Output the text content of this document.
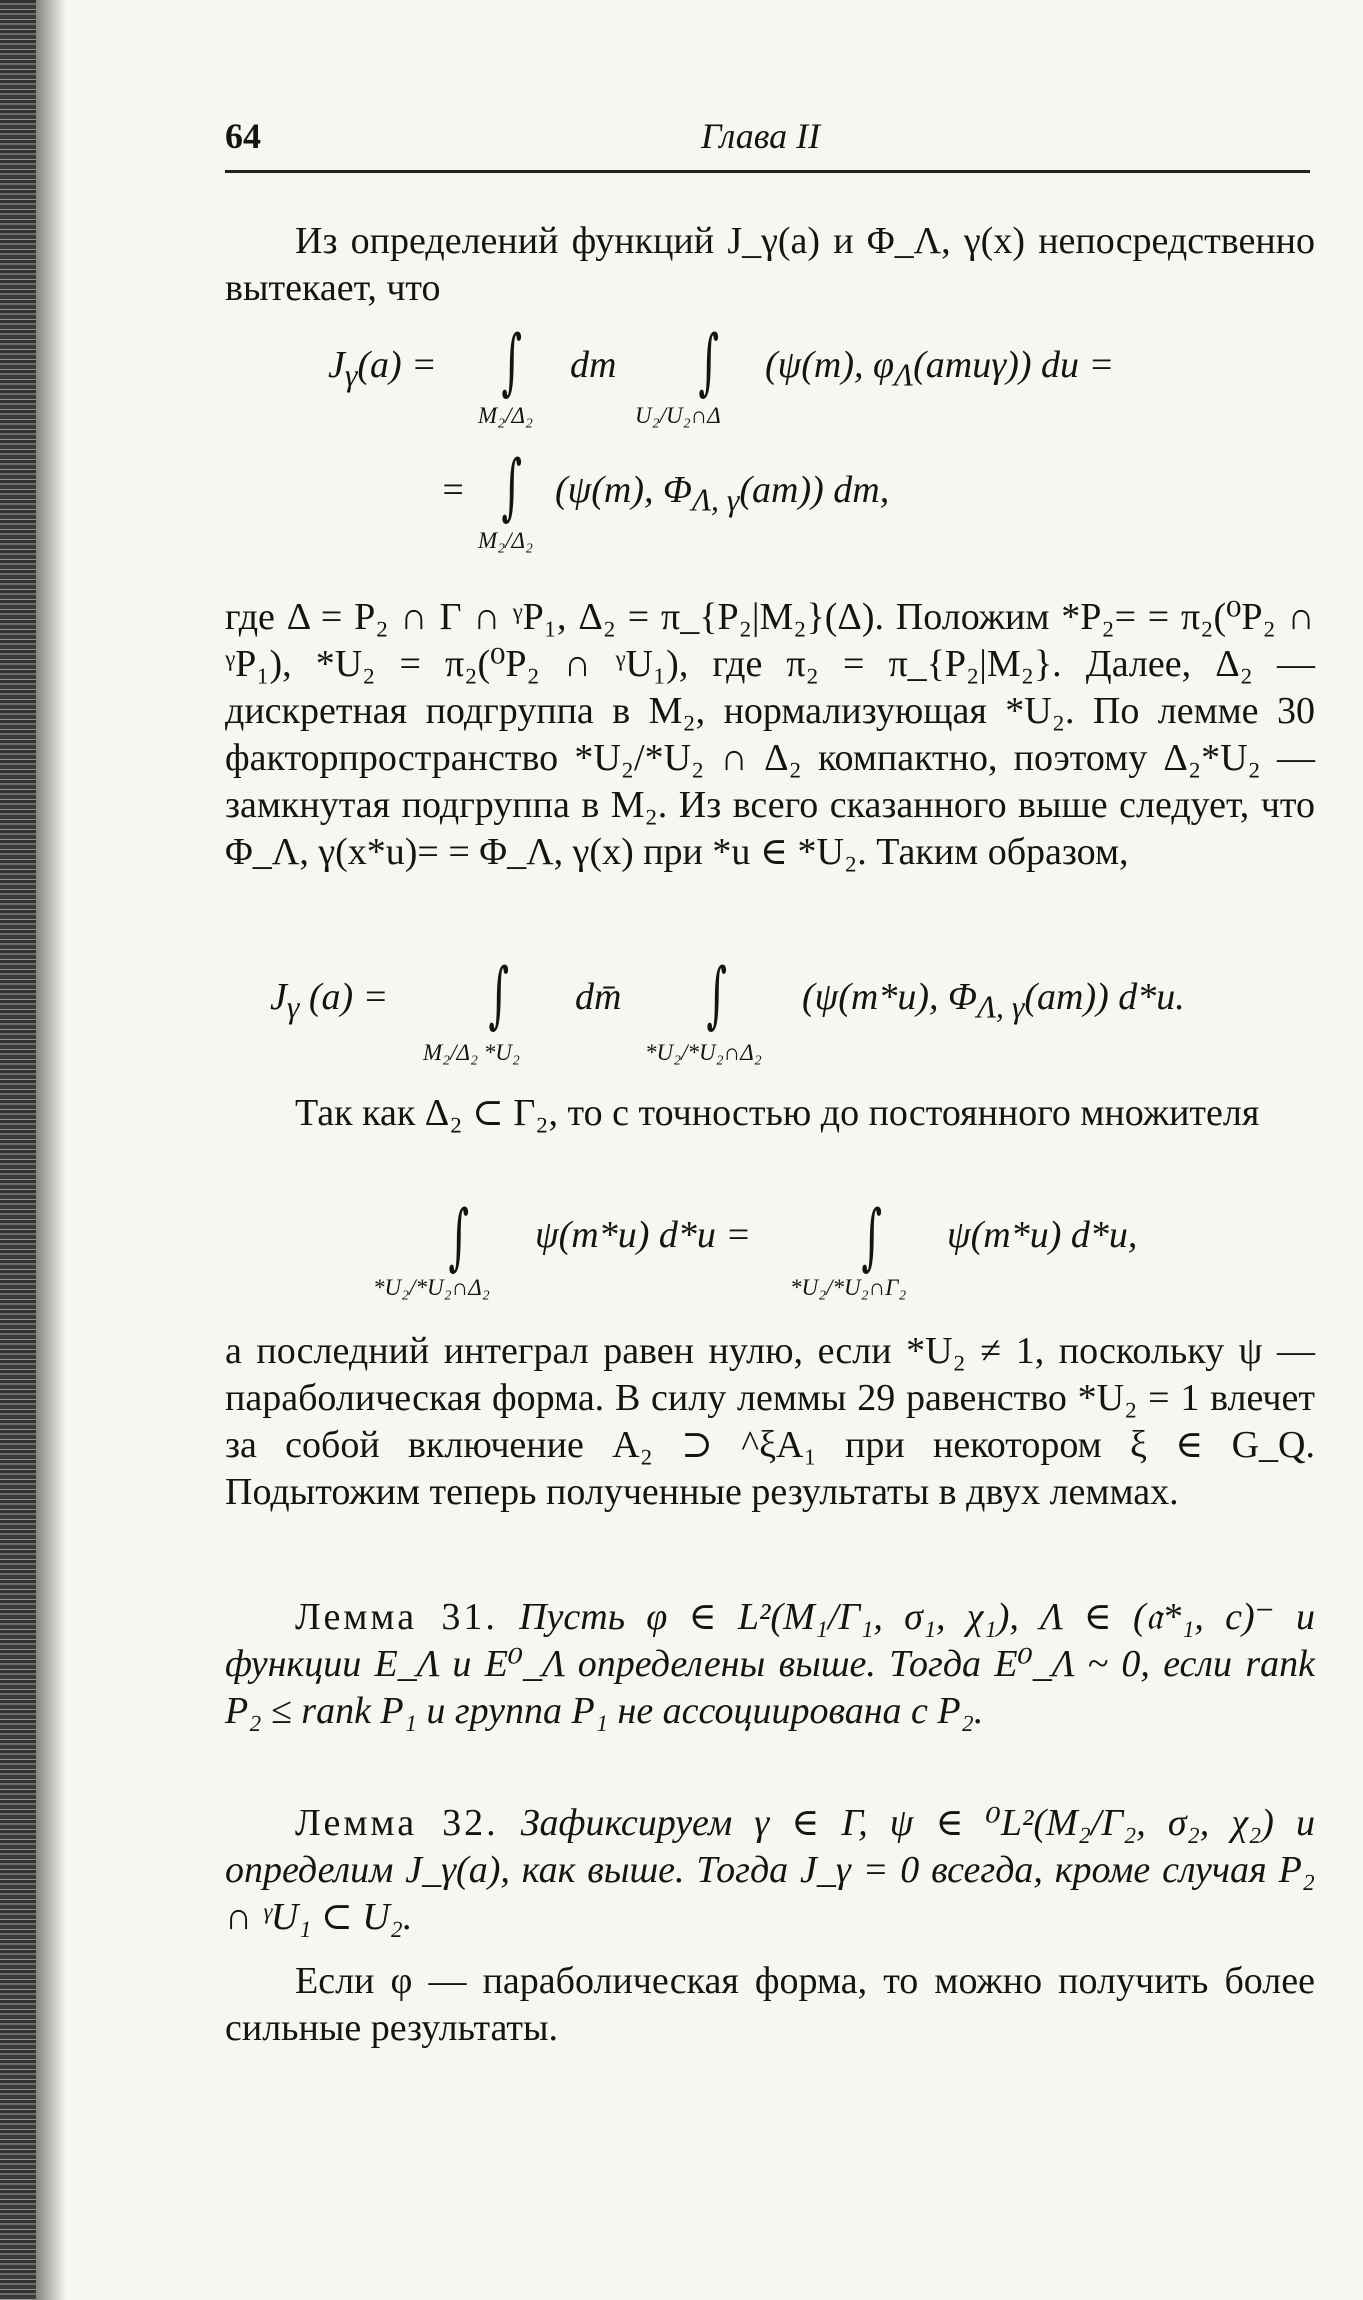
64	Глава II

Из определений функций J_γ(a) и Φ_Λ, γ(x) непосредственно вытекает, что

$J_\gamma(a)$ = ∫
M₂/Δ₂
dm ∫
U₂/U₂∩Δ
(ψ(m), $\varphi_\Lambda(amu\gamma)$) du =
= ∫
M₂/Δ₂
(ψ(m), $\Phi_{\Lambda, \gamma}(am)$) dm,

где Δ = P₂ ∩ Γ ∩ ᵞP₁, Δ₂ = π_{P₂|M₂}(Δ). Положим *P₂= = π₂(⁰P₂ ∩ ᵞP₁), *U₂ = π₂(⁰P₂ ∩ ᵞU₁), где π₂ = π_{P₂|M₂}. Далее, Δ₂ — дискретная подгруппа в M₂, нормализующая *U₂. По лемме 30 факторпространство *U₂/*U₂ ∩ Δ₂ компактно, поэтому Δ₂*U₂ — замкнутая подгруппа в M₂. Из всего сказанного выше следует, что Φ_Λ, γ(x*u)= = Φ_Λ, γ(x) при *u ∈ *U₂. Таким образом,

$J_\gamma$ (a) = ∫
M₂/Δ₂ *U₂
dm̄ ∫
*U₂/*U₂∩Δ₂
(ψ(m*u), $\Phi_{\Lambda, \gamma}(am)$) d*u.

Так как Δ₂ ⊂ Γ₂, то с точностью до постоянного множителя

∫
*U₂/*U₂∩Δ₂
ψ(m*u) d*u = ∫
*U₂/*U₂∩Γ₂
ψ(m*u) d*u,

а последний интеграл равен нулю, если *U₂ ≠ 1, поскольку ψ — параболическая форма. В силу леммы 29 равенство *U₂ = 1 влечет за собой включение A₂ ⊃ ^ξA₁ при некотором ξ ∈ G_Q. Подытожим теперь полученные результаты в двух леммах.

Лемма 31. Пусть φ ∈ L²(M₁/Γ₁, σ₁, χ₁), Λ ∈ (𝔞*₁, c)⁻ и функции E_Λ и E⁰_Λ определены выше. Тогда E⁰_Λ ~ 0, если rank P₂ ≤ rank P₁ и группа P₁ не ассоциирована с P₂.

Лемма 32. Зафиксируем γ ∈ Γ, ψ ∈ ⁰L²(M₂/Γ₂, σ₂, χ₂) и определим J_γ(a), как выше. Тогда J_γ = 0 всегда, кроме случая P₂ ∩ ᵞU₁ ⊂ U₂.

Если φ — параболическая форма, то можно получить более сильные результаты.
